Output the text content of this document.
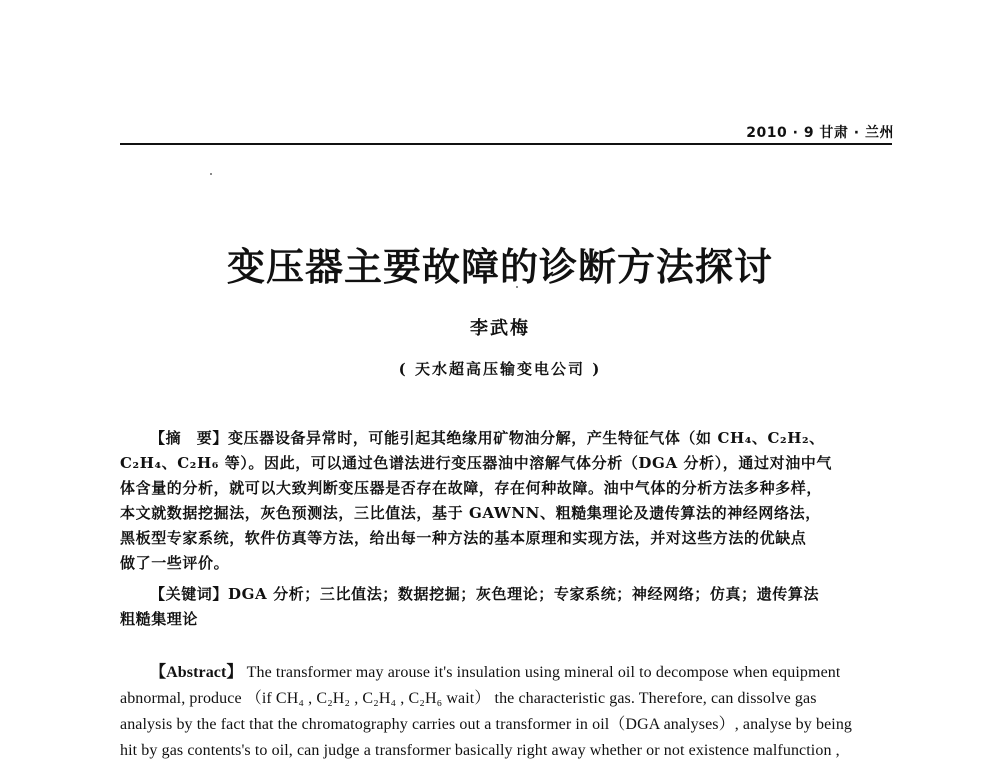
2010 · 9 甘肃 · 兰州
变压器主要故障的诊断方法探讨
李武梅
( 天水超高压输变电公司 )
【摘　要】变压器设备异常时，可能引起其绝缘用矿物油分解，产生特征气体（如 CH₄、C₂H₂、
C₂H₄、C₂H₆ 等）。因此，可以通过色谱法进行变压器油中溶解气体分析（DGA 分析），通过对油中气
体含量的分析，就可以大致判断变压器是否存在故障，存在何种故障。油中气体的分析方法多种多样，
本文就数据挖掘法，灰色预测法，三比值法，基于 GAWNN、粗糙集理论及遗传算法的神经网络法，
黑板型专家系统，软件仿真等方法，给出每一种方法的基本原理和实现方法，并对这些方法的优缺点
做了一些评价。
【关键词】DGA 分析；三比值法；数据挖掘；灰色理论；专家系统；神经网络；仿真；遗传算法
粗糙集理论
【Abstract】 The transformer may arouse it's insulation using mineral oil to decompose when equipment
abnormal, produce （if CH₄ , C₂H₂ , C₂H₄ , C₂H₆ wait） the characteristic gas. Therefore, can dissolve gas
analysis by the fact that the chromatography carries out a transformer in oil（DGA analyses）, analyse by being
hit by gas contents's to oil, can judge a transformer basically right away whether or not existence malfunction ,
